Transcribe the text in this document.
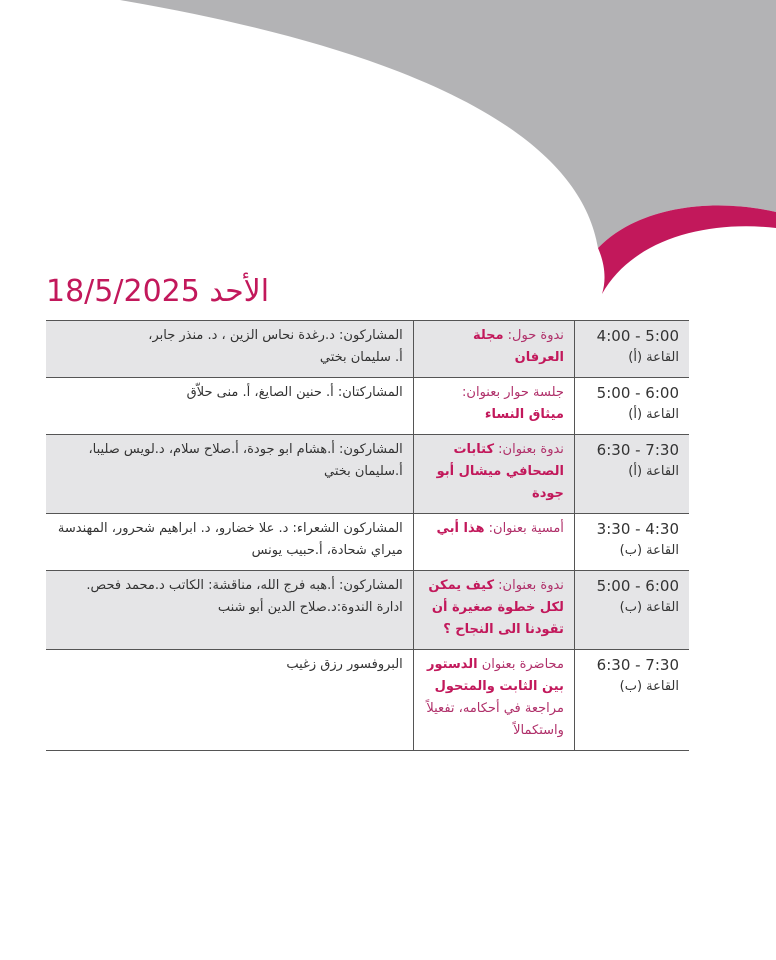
الأحد 18/5/2025
4:00 - 5:00
القاعة (أ)	ندوة حول: مجلة العرفان	المشاركون: د.رغدة نحاس الزين ، د. منذر جابر،
أ. سليمان بختي

5:00 - 6:00
القاعة (أ)	جلسة حوار بعنوان: ميثاق النساء	المشاركتان: أ. حنين الصايغ، أ. منى حلاّق

6:30 - 7:30
القاعة (أ)	ندوة بعنوان: كتابات الصحافي ميشال أبو جودة	المشاركون: أ.هشام ابو جودة، أ.صلاح سلام، د.لويس صليبا، أ.سليمان بختي

3:30 - 4:30
القاعة (ب)	أمسية بعنوان: هذا أبي	المشاركون الشعراء: د. علا خضارو، د. ابراهيم شحرور، المهندسة ميراي شحادة، أ.حبيب يونس

5:00 - 6:00
القاعة (ب)	ندوة بعنوان: كيف يمكن لكل خطوة صغيرة أن تقودنا الى النجاح ؟	المشاركون: أ.هبه فرج الله، مناقشة: الكاتب د.محمد فحص.
ادارة الندوة:د.صلاح الدين أبو شنب

6:30 - 7:30
القاعة (ب)	محاضرة بعنوان الدستور بين الثابت والمتحول مراجعة في أحكامه، تفعيلاً واستكمالاً	البروفسور رزق زغيب
